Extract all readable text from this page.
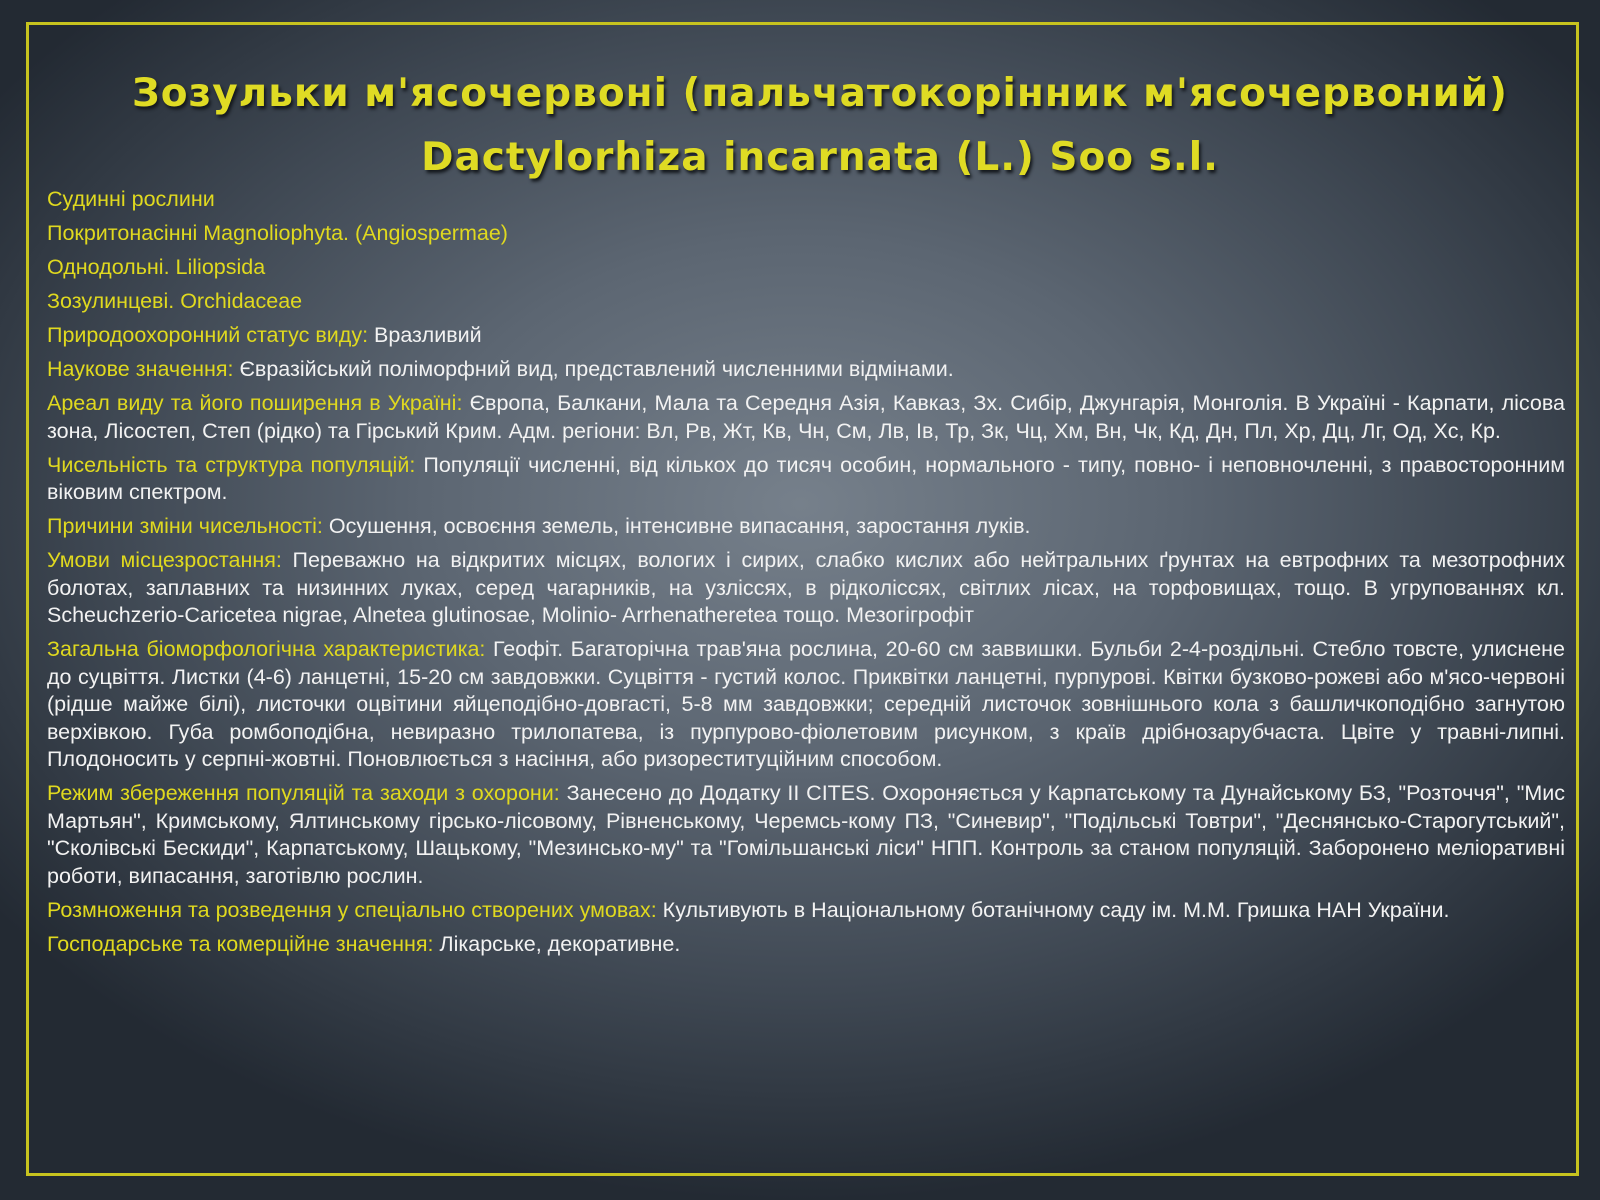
Зозульки м'ясочервоні (пальчатокорінник м'ясочервоний)
Dactylorhiza incarnata (L.) Soo s.l.

Судинні рослини

Покритонасінні Magnoliophyta. (Angiospermae)

Однодольні. Liliopsida

Зозулинцеві. Orchidaceae

Природоохоронний статус виду: Вразливий

Наукове значення: Євразійський поліморфний вид, представлений численними відмінами.

Ареал виду та його поширення в Україні: Європа, Балкани, Мала та Середня Азія, Кавказ, Зх. Сибір, Джунгарія, Монголія. В Україні - Карпати, лісова зона, Лісостеп, Степ (рідко) та Гірський Крим. Адм. регіони: Вл, Рв, Жт, Кв, Чн, См, Лв, Ів, Тр, Зк, Чц, Хм, Вн, Чк, Кд, Дн, Пл, Хр, Дц, Лг, Од, Хс, Кр.

Чисельність та структура популяцій: Популяції численні, від кількох до тисяч особин, нормального - типу, повно- і неповночленні, з правосторонним віковим спектром.

Причини зміни чисельності: Осушення, освоєння земель, інтенсивне випасання, заростання луків.

Умови місцезростання: Переважно на відкритих місцях, вологих і сирих, слабко кислих або нейтральних ґрунтах на евтрофних та мезотрофних болотах, заплавних та низинних луках, серед чагарників, на узліссях, в рідколіссях, світлих лісах, на торфовищах, тощо. В угрупованнях кл. Scheuchzerio-Caricetea nigrae, Alnetea glutinosae, Molinio- Arrhenatheretea тощо. Мезогігрофіт

Загальна біоморфологічна характеристика: Геофіт. Багаторічна трав'яна рослина, 20-60 см заввишки. Бульби 2-4-роздільні. Стебло товсте, улиснене до суцвіття. Листки (4-6) ланцетні, 15-20 см завдовжки. Суцвіття - густий колос. Приквітки ланцетні, пурпурові. Квітки бузково-рожеві або м'ясо-червоні (рідше майже білі), листочки оцвітини яйцеподібно-довгасті, 5-8 мм завдовжки; середній листочок зовнішнього кола з башличкоподібно загнутою верхівкою. Губа ромбоподібна, невиразно трилопатева, із пурпурово-фіолетовим рисунком, з країв дрібнозарубчаста. Цвіте у травні-липні. Плодоносить у серпні-жовтні. Поновлюється з насіння, або ризореституційним способом.

Режим збереження популяцій та заходи з охорони: Занесено до Додатку II CITES. Охороняється у Карпатському та Дунайському БЗ, "Розточчя", "Мис Мартьян", Кримському, Ялтинському гірсько-лісовому, Рівненському, Черемсь-кому ПЗ, "Синевир", "Подільські Товтри", "Деснянсько-Старогутський", "Сколівські Бескиди", Карпатському, Шацькому, "Мезинсько-му" та "Гомільшанські ліси" НПП. Контроль за станом популяцій. Заборонено меліоративні роботи, випасання, заготівлю рослин.

Розмноження та розведення у спеціально створених умовах: Культивують в Національному ботанічному саду ім. М.М. Гришка НАН України.

Господарське та комерційне значення: Лікарське, декоративне.
